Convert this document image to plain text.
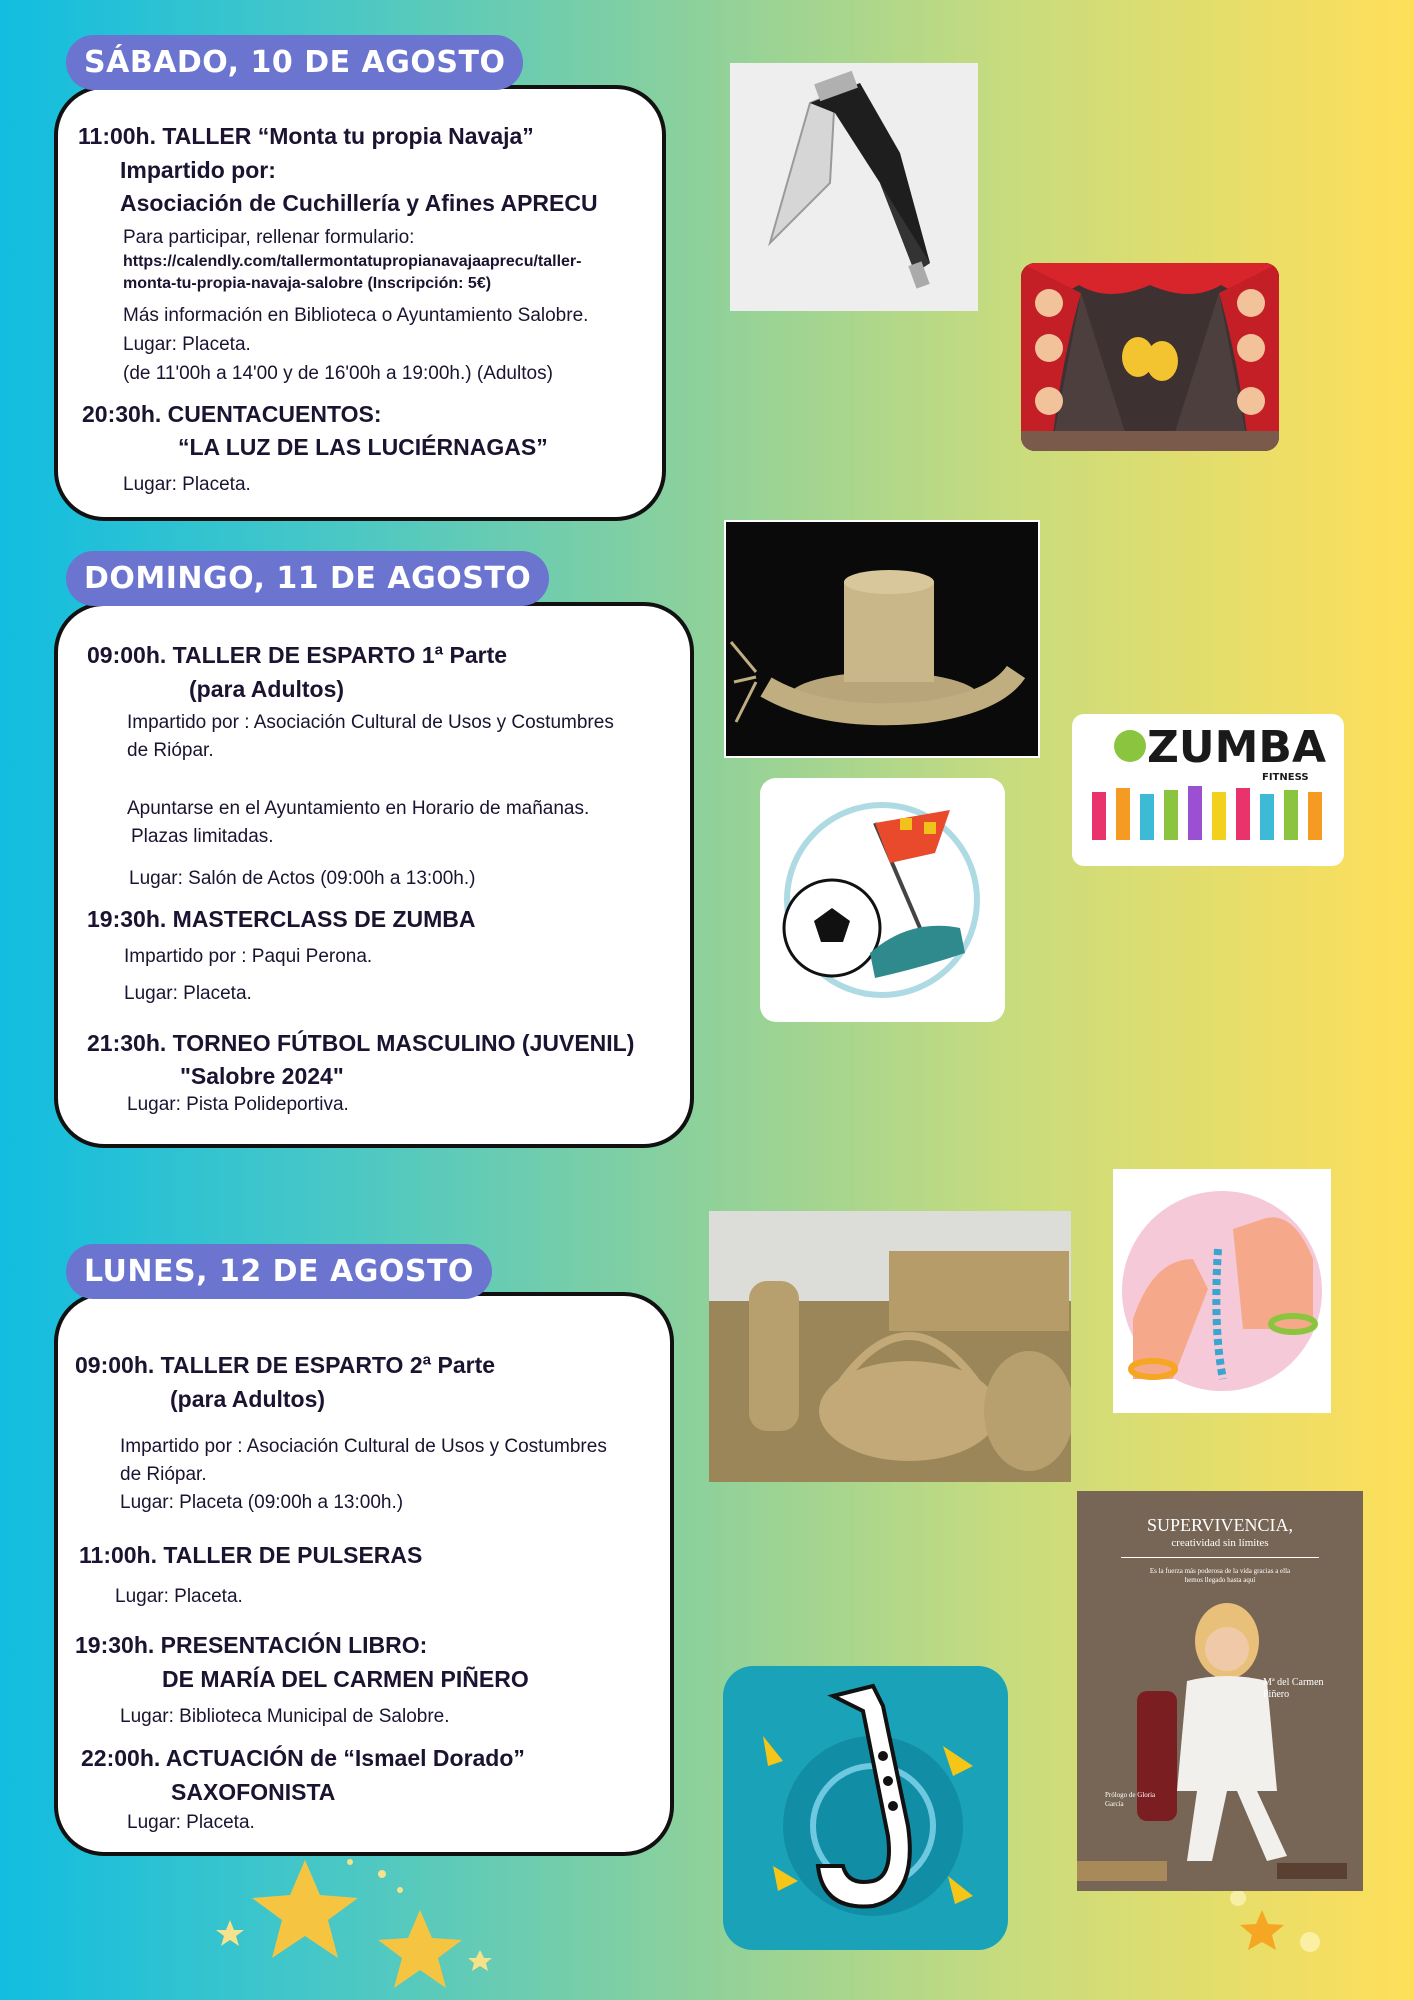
SÁBADO, 10 DE AGOSTO
11:00h. TALLER “Monta tu propia Navaja”
Impartido por:
Asociación de Cuchillería y Afines APRECU
Para participar, rellenar formulario:
https://calendly.com/tallermontatupropianavajaaprecu/taller-
monta-tu-propia-navaja-salobre (Inscripción: 5€)
Más información en Biblioteca o Ayuntamiento Salobre.
Lugar: Placeta.
(de 11'00h a 14'00 y de 16'00h a 19:00h.) (Adultos)
20:30h. CUENTACUENTOS:
“LA LUZ DE LAS LUCIÉRNAGAS”
Lugar: Placeta.
DOMINGO, 11 DE AGOSTO
09:00h. TALLER DE ESPARTO 1ª Parte
(para Adultos)
Impartido por : Asociación Cultural de Usos y Costumbres
de Riópar.
Apuntarse en el Ayuntamiento en Horario de mañanas.
Plazas limitadas.
Lugar: Salón de Actos (09:00h a 13:00h.)
19:30h. MASTERCLASS DE ZUMBA
Impartido por : Paqui Perona.
Lugar: Placeta.
21:30h. TORNEO FÚTBOL MASCULINO (JUVENIL)
"Salobre 2024"
Lugar: Pista Polideportiva.
LUNES, 12 DE AGOSTO
09:00h. TALLER DE ESPARTO 2ª Parte
(para Adultos)
Impartido por : Asociación Cultural de Usos y Costumbres
de Riópar.
Lugar: Placeta (09:00h a 13:00h.)
11:00h. TALLER DE PULSERAS
Lugar: Placeta.
19:30h. PRESENTACIÓN LIBRO:
DE MARÍA DEL CARMEN PIÑERO
Lugar: Biblioteca Municipal de Salobre.
22:00h. ACTUACIÓN de “Ismael Dorado”
SAXOFONISTA
Lugar: Placeta.
ZUMBA
FITNESS
SUPERVIVENCIA,
creatividad sin límites
Es la fuerza más poderosa de la vida gracias a ella hemos llegado hasta aquí
Mª del Carmen Piñero
Prólogo de Gloria García
